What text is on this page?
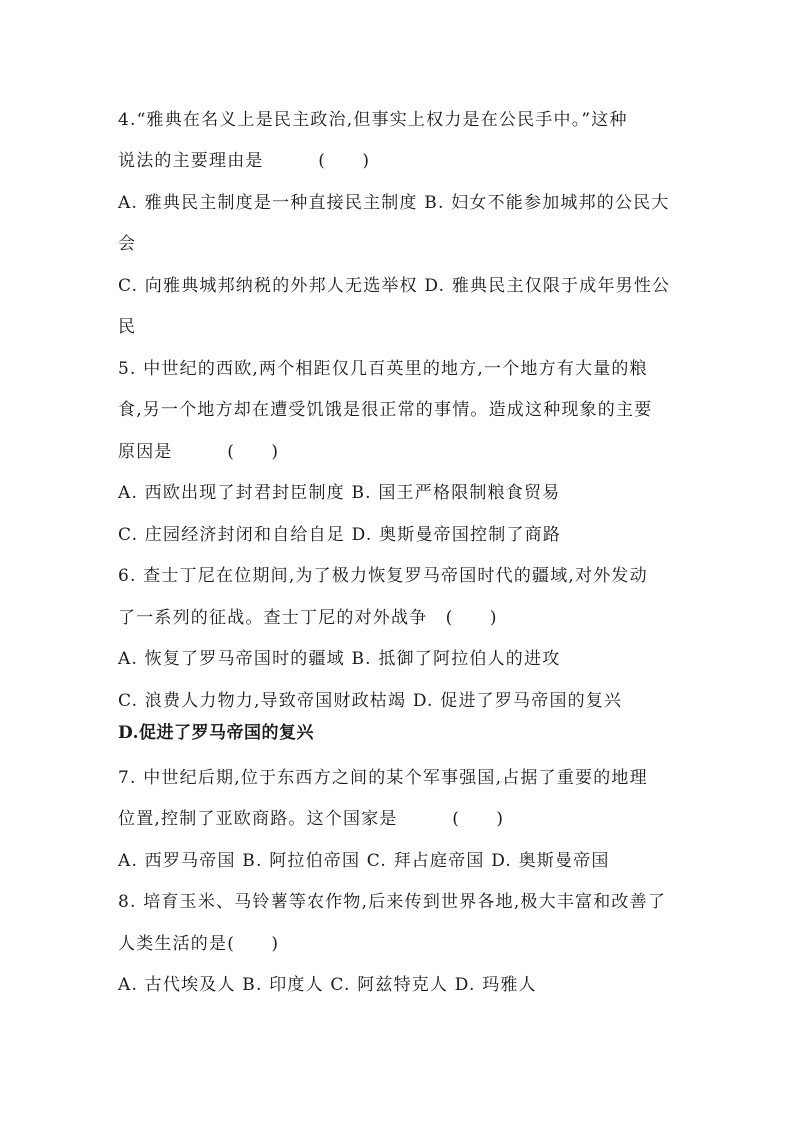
4.“雅典在名义上是民主政治,但事实上权力是在公民手中。”这种
说法的主要理由是　　　(　　)
A. 雅典民主制度是一种直接民主制度 B. 妇女不能参加城邦的公民大
会
C. 向雅典城邦纳税的外邦人无选举权 D. 雅典民主仅限于成年男性公
民
5. 中世纪的西欧,两个相距仅几百英里的地方,一个地方有大量的粮
食,另一个地方却在遭受饥饿是很正常的事情。造成这种现象的主要
原因是　　　(　　)
A. 西欧出现了封君封臣制度 B. 国王严格限制粮食贸易
C. 庄园经济封闭和自给自足 D. 奥斯曼帝国控制了商路
6. 查士丁尼在位期间,为了极力恢复罗马帝国时代的疆域,对外发动
了一系列的征战。查士丁尼的对外战争　(　　)
A. 恢复了罗马帝国时的疆域 B. 抵御了阿拉伯人的进攻
C. 浪费人力物力,导致帝国财政枯竭 D. 促进了罗马帝国的复兴
D.促进了罗马帝国的复兴
7. 中世纪后期,位于东西方之间的某个军事强国,占据了重要的地理
位置,控制了亚欧商路。这个国家是　　　(　　)
A. 西罗马帝国 B. 阿拉伯帝国 C. 拜占庭帝国 D. 奥斯曼帝国
8. 培育玉米、马铃薯等农作物,后来传到世界各地,极大丰富和改善了
人类生活的是(　　)
A. 古代埃及人 B. 印度人 C. 阿兹特克人 D. 玛雅人
